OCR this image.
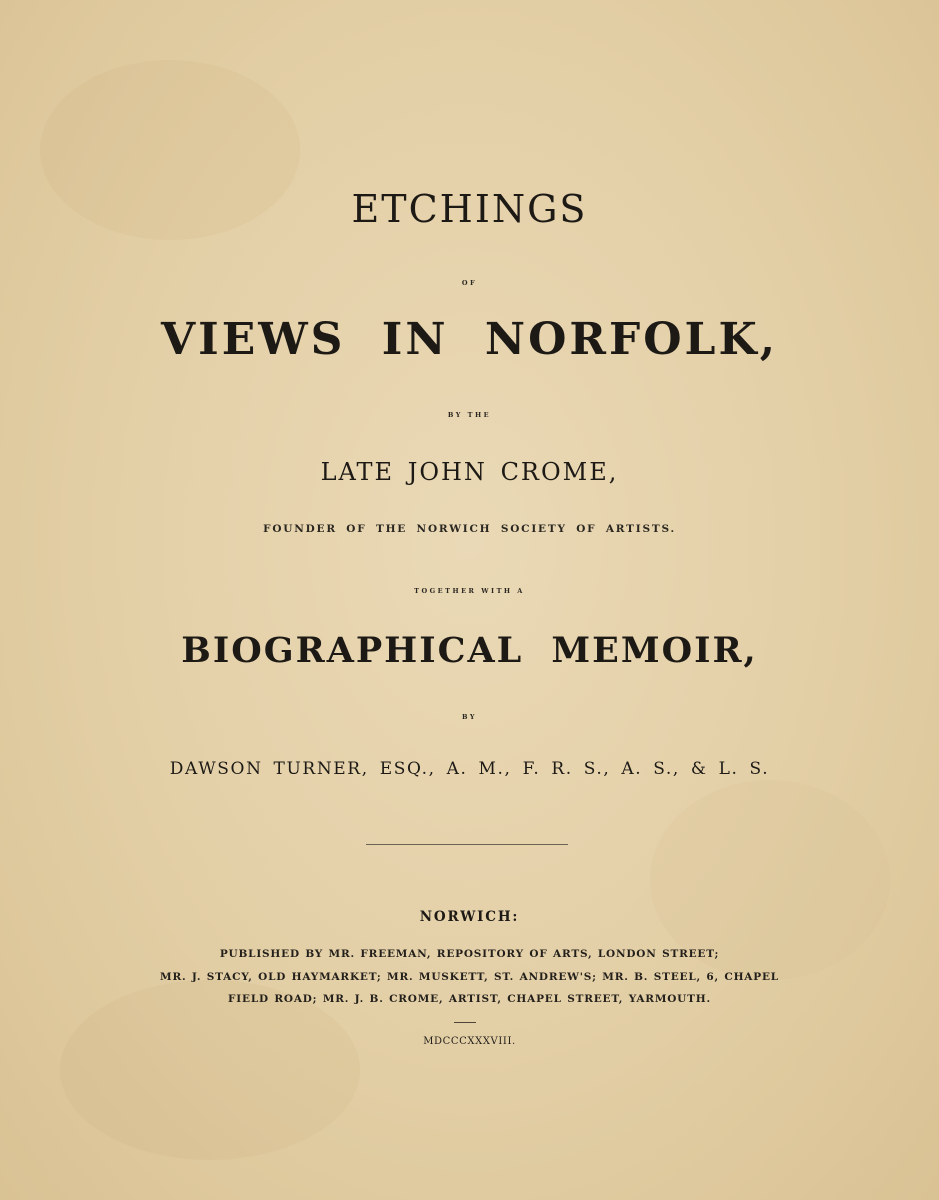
ETCHINGS
OF
VIEWS IN NORFOLK,
BY THE
LATE JOHN CROME,
FOUNDER OF THE NORWICH SOCIETY OF ARTISTS.
TOGETHER WITH A
BIOGRAPHICAL MEMOIR,
BY
DAWSON TURNER, ESQ., A. M., F. R. S., A. S., & L. S.
NORWICH:
PUBLISHED BY MR. FREEMAN, REPOSITORY OF ARTS, LONDON STREET;
MR. J. STACY, OLD HAYMARKET; MR. MUSKETT, ST. ANDREW'S; MR. B. STEEL, 6, CHAPEL
FIELD ROAD; MR. J. B. CROME, ARTIST, CHAPEL STREET, YARMOUTH.
MDCCCXXXVIII.
